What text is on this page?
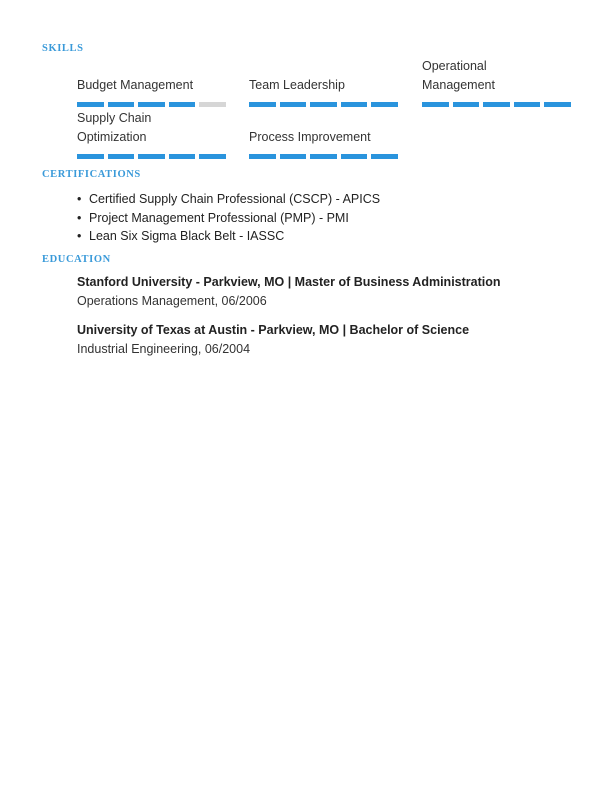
SKILLS
Budget Management	Team Leadership
Operational Management
Supply Chain Optimization	Process Improvement
CERTIFICATIONS
• Certified Supply Chain Professional (CSCP) - APICS
• Project Management Professional (PMP) - PMI
• Lean Six Sigma Black Belt - IASSC
EDUCATION
Stanford University - Parkview, MO | Master of Business Administration
Operations Management, 06/2006
University of Texas at Austin - Parkview, MO | Bachelor of Science
Industrial Engineering, 06/2004
